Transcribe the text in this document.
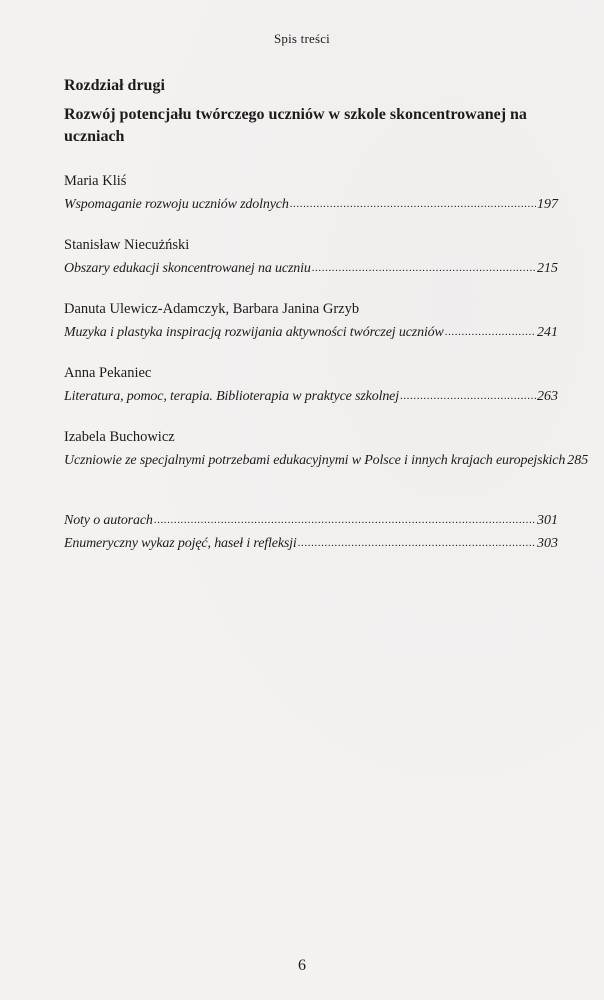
Spis treści
Rozdział drugi
Rozwój potencjału twórczego uczniów w szkole skoncentrowanej na uczniach
Maria Kliś
Wspomaganie rozwoju uczniów zdolnych .....	197
Stanisław Niecużński
Obszary edukacji skoncentrowanej na uczniu .....	215
Danuta Ulewicz-Adamczyk, Barbara Janina Grzyb
Muzyka i plastyka inspiracją rozwijania aktywności twórczej uczniów .....	241
Anna Pekaniec
Literatura, pomoc, terapia. Biblioterapia w praktyce szkolnej .....	263
Izabela Buchowicz
Uczniowie ze specjalnymi potrzebami edukacyjnymi w Polsce i innych krajach europejskich 285
Noty o autorach .....	301
Enumeryczny wykaz pojęć, haseł i refleksji .....	303
6
